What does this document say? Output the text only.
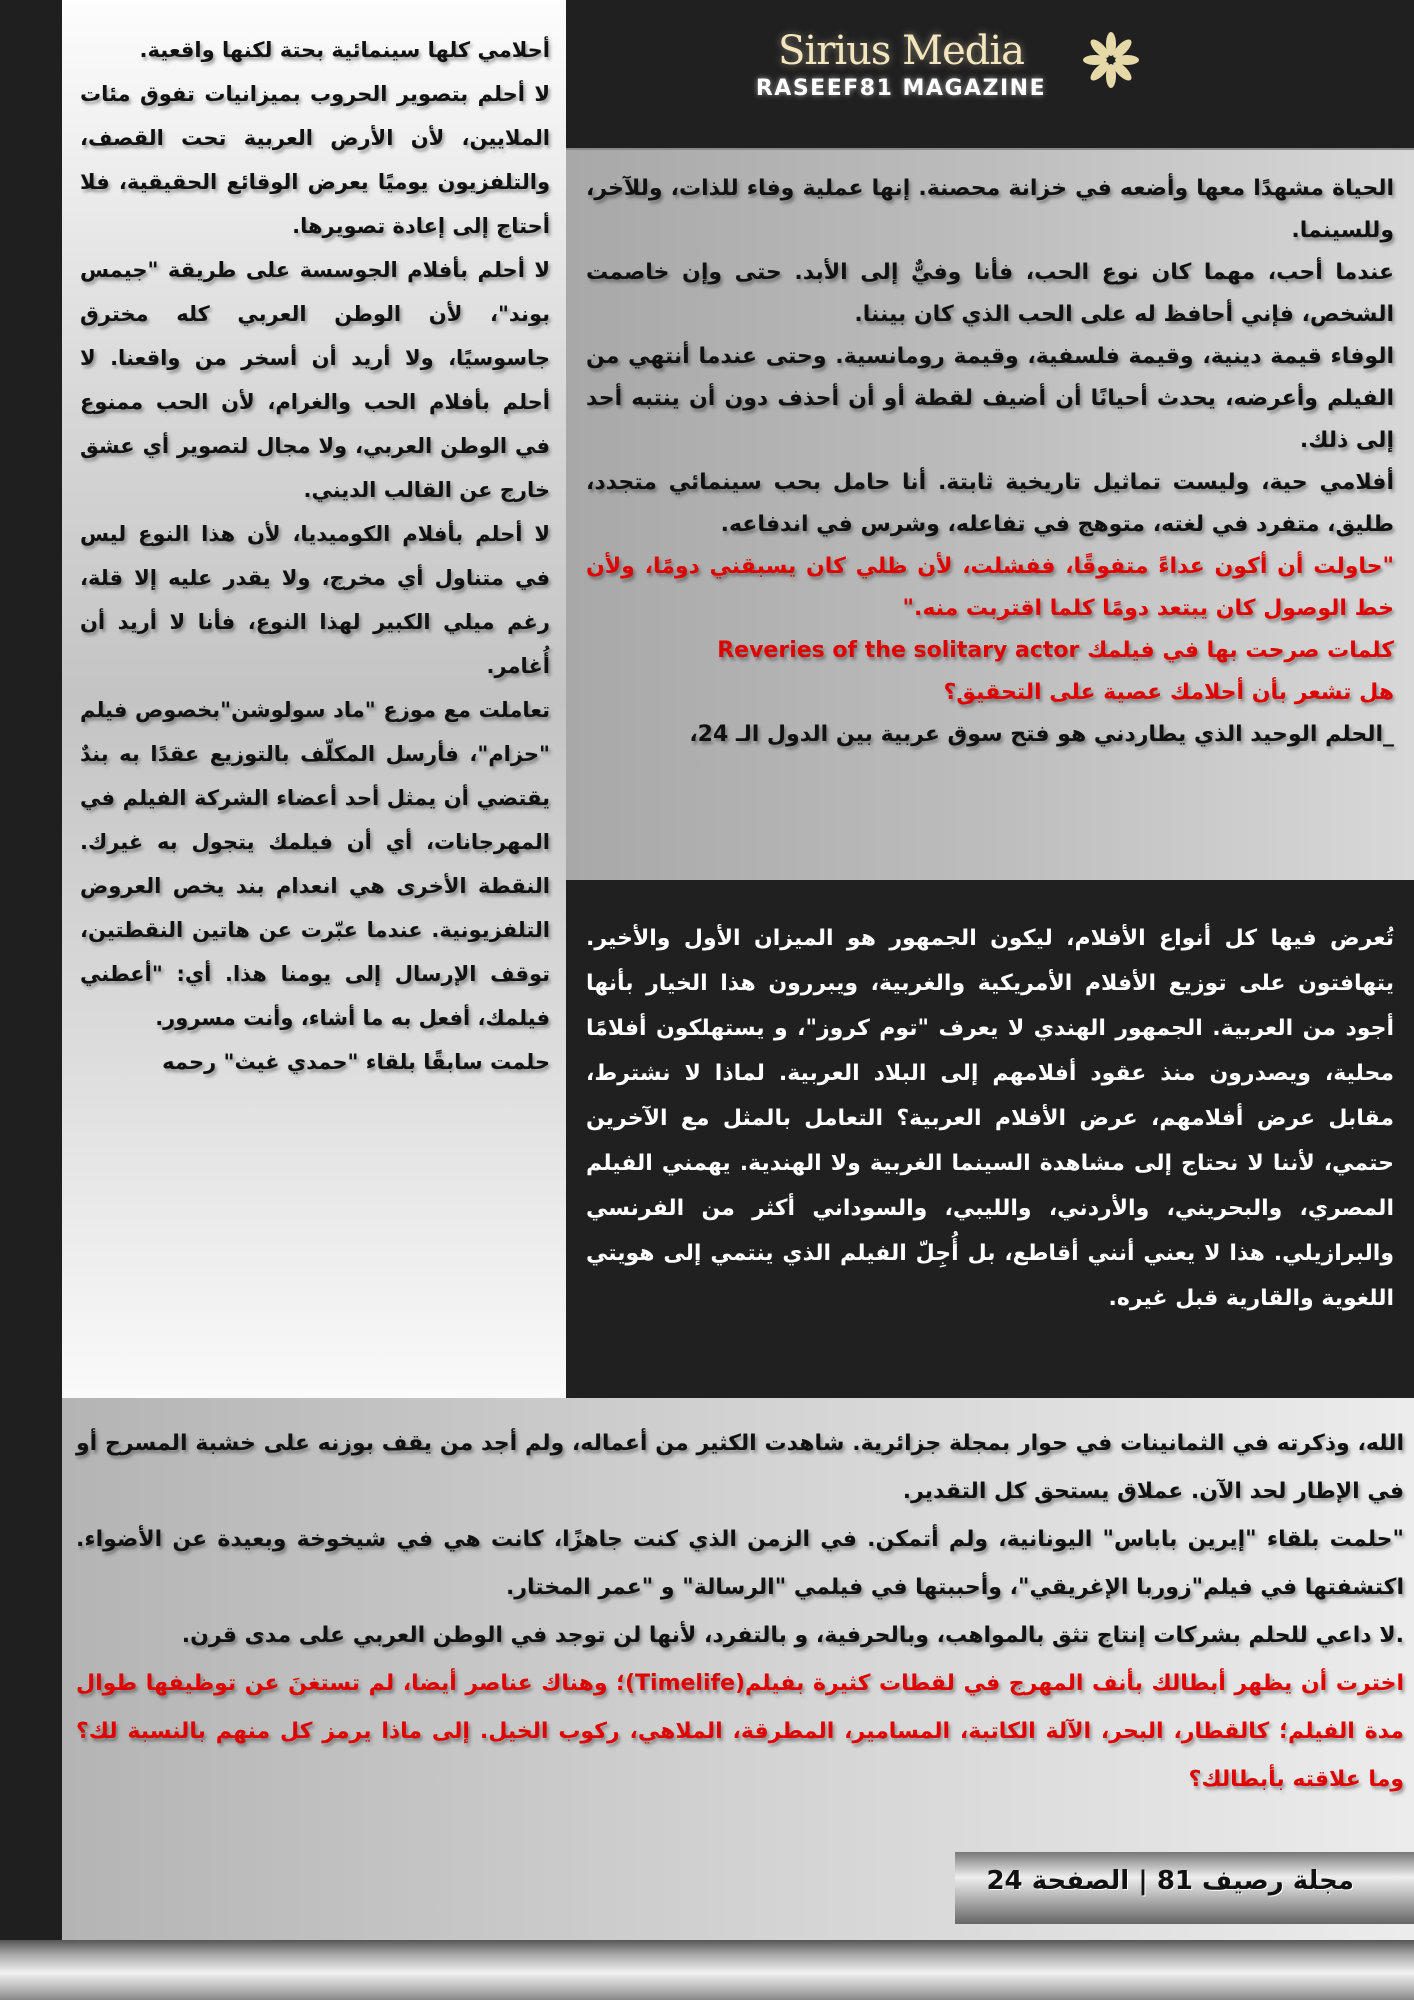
أحلامي كلها سينمائية بحتة لكنها واقعية.

لا أحلم بتصوير الحروب بميزانيات تفوق مئات الملايين، لأن الأرض العربية تحت القصف، والتلفزيون يوميًا يعرض الوقائع الحقيقية، فلا أحتاج إلى إعادة تصويرها.

لا أحلم بأفلام الجوسسة على طريقة "جيمس بوند"، لأن الوطن العربي كله مخترق جاسوسيًا، ولا أريد أن أسخر من واقعنا. لا أحلم بأفلام الحب والغرام، لأن الحب ممنوع في الوطن العربي، ولا مجال لتصوير أي عشق خارج عن القالب الديني.

لا أحلم بأفلام الكوميديا، لأن هذا النوع ليس في متناول أي مخرج، ولا يقدر عليه إلا قلة، رغم ميلي الكبير لهذا النوع، فأنا لا أريد أن أُغامر.

تعاملت مع موزع "ماد سولوشن"بخصوص فيلم "حزام"، فأرسل المكلّف بالتوزيع عقدًا به بندٌ يقتضي أن يمثل أحد أعضاء الشركة الفيلم في المهرجانات، أي أن فيلمك يتجول به غيرك. النقطة الأخرى هي انعدام بند يخص العروض التلفزيونية. عندما عبّرت عن هاتين النقطتين، توقف الإرسال إلى يومنا هذا. أي: "أعطني فيلمك، أفعل به ما أشاء، وأنت مسرور.

حلمت سابقًا بلقاء "حمدي غيث" رحمه

Sirius Media
RASEEF81 MAGAZINE

الحياة مشهدًا معها وأضعه في خزانة محصنة. إنها عملية وفاء للذات، وللآخر، وللسينما.

عندما أحب، مهما كان نوع الحب، فأنا وفيٌّ إلى الأبد. حتى وإن خاصمت الشخص، فإني أحافظ له على الحب الذي كان بيننا.

الوفاء قيمة دينية، وقيمة فلسفية، وقيمة رومانسية. وحتى عندما أنتهي من الفيلم وأعرضه، يحدث أحيانًا أن أضيف لقطة أو أن أحذف دون أن ينتبه أحد إلى ذلك.

أفلامي حية، وليست تماثيل تاريخية ثابتة. أنا حامل بحب سينمائي متجدد، طليق، متفرد في لغته، متوهج في تفاعله، وشرس في اندفاعه.

"حاولت أن أكون عداءً متفوقًا، ففشلت، لأن ظلي كان يسبقني دومًا، ولأن خط الوصول كان يبتعد دومًا كلما اقتربت منه."

كلمات صرحت بها في فيلمك Reveries of the solitary actor

هل تشعر بأن أحلامك عصية على التحقيق؟

_الحلم الوحيد الذي يطاردني هو فتح سوق عربية بين الدول الـ 24،

تُعرض فيها كل أنواع الأفلام، ليكون الجمهور هو الميزان الأول والأخير. يتهافتون على توزيع الأفلام الأمريكية والغربية، ويبررون هذا الخيار بأنها أجود من العربية. الجمهور الهندي لا يعرف "توم كروز"، و يستهلكون أفلامًا محلية، ويصدرون منذ عقود أفلامهم إلى البلاد العربية. لماذا لا نشترط، مقابل عرض أفلامهم، عرض الأفلام العربية؟ التعامل بالمثل مع الآخرين حتمي، لأننا لا نحتاج إلى مشاهدة السينما الغربية ولا الهندية. يهمني الفيلم المصري، والبحريني، والأردني، والليبي، والسوداني أكثر من الفرنسي والبرازيلي. هذا لا يعني أنني أقاطع، بل أُجِلّ الفيلم الذي ينتمي إلى هويتي اللغوية والقارية قبل غيره.

الله، وذكرته في الثمانينات في حوار بمجلة جزائرية. شاهدت الكثير من أعماله، ولم أجد من يقف بوزنه على خشبة المسرح أو في الإطار لحد الآن. عملاق يستحق كل التقدير.

"حلمت بلقاء "إيرين باباس" اليونانية، ولم أتمكن. في الزمن الذي كنت جاهزًا، كانت هي في شيخوخة وبعيدة عن الأضواء. اكتشفتها في فيلم"زوربا الإغريقي"، وأحببتها في فيلمي "الرسالة" و "عمر المختار.

.لا داعي للحلم بشركات إنتاج تثق بالمواهب، وبالحرفية، و بالتفرد، لأنها لن توجد في الوطن العربي على مدى قرن.

اخترت أن يظهر أبطالك بأنف المهرج في لقطات كثيرة بفيلم(Timelife)؛ وهناك عناصر أيضا، لم تستغنَ عن توظيفها طوال مدة الفيلم؛ كالقطار، البحر، الآلة الكاتبة، المسامير، المطرقة، الملاهي، ركوب الخيل. إلى ماذا يرمز كل منهم بالنسبة لك؟ وما علاقته بأبطالك؟

مجلة رصيف 81 | الصفحة 24
